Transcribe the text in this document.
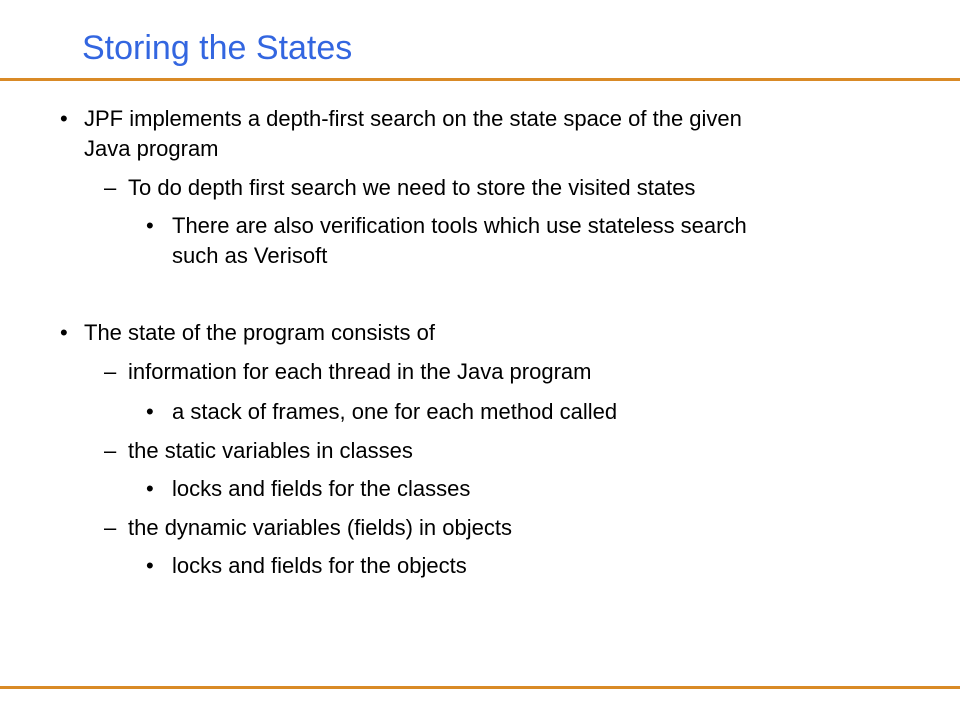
Storing the States
• JPF implements a depth-first search on the state space of the given
Java program
– To do depth first search we need to store the visited states
• There are also verification tools which use stateless search
such as Verisoft
• The state of the program consists of
– information for each thread in the Java program
• a stack of frames, one for each method called
– the static variables in classes
• locks and fields for the classes
– the dynamic variables (fields) in objects
• locks and fields for the objects
